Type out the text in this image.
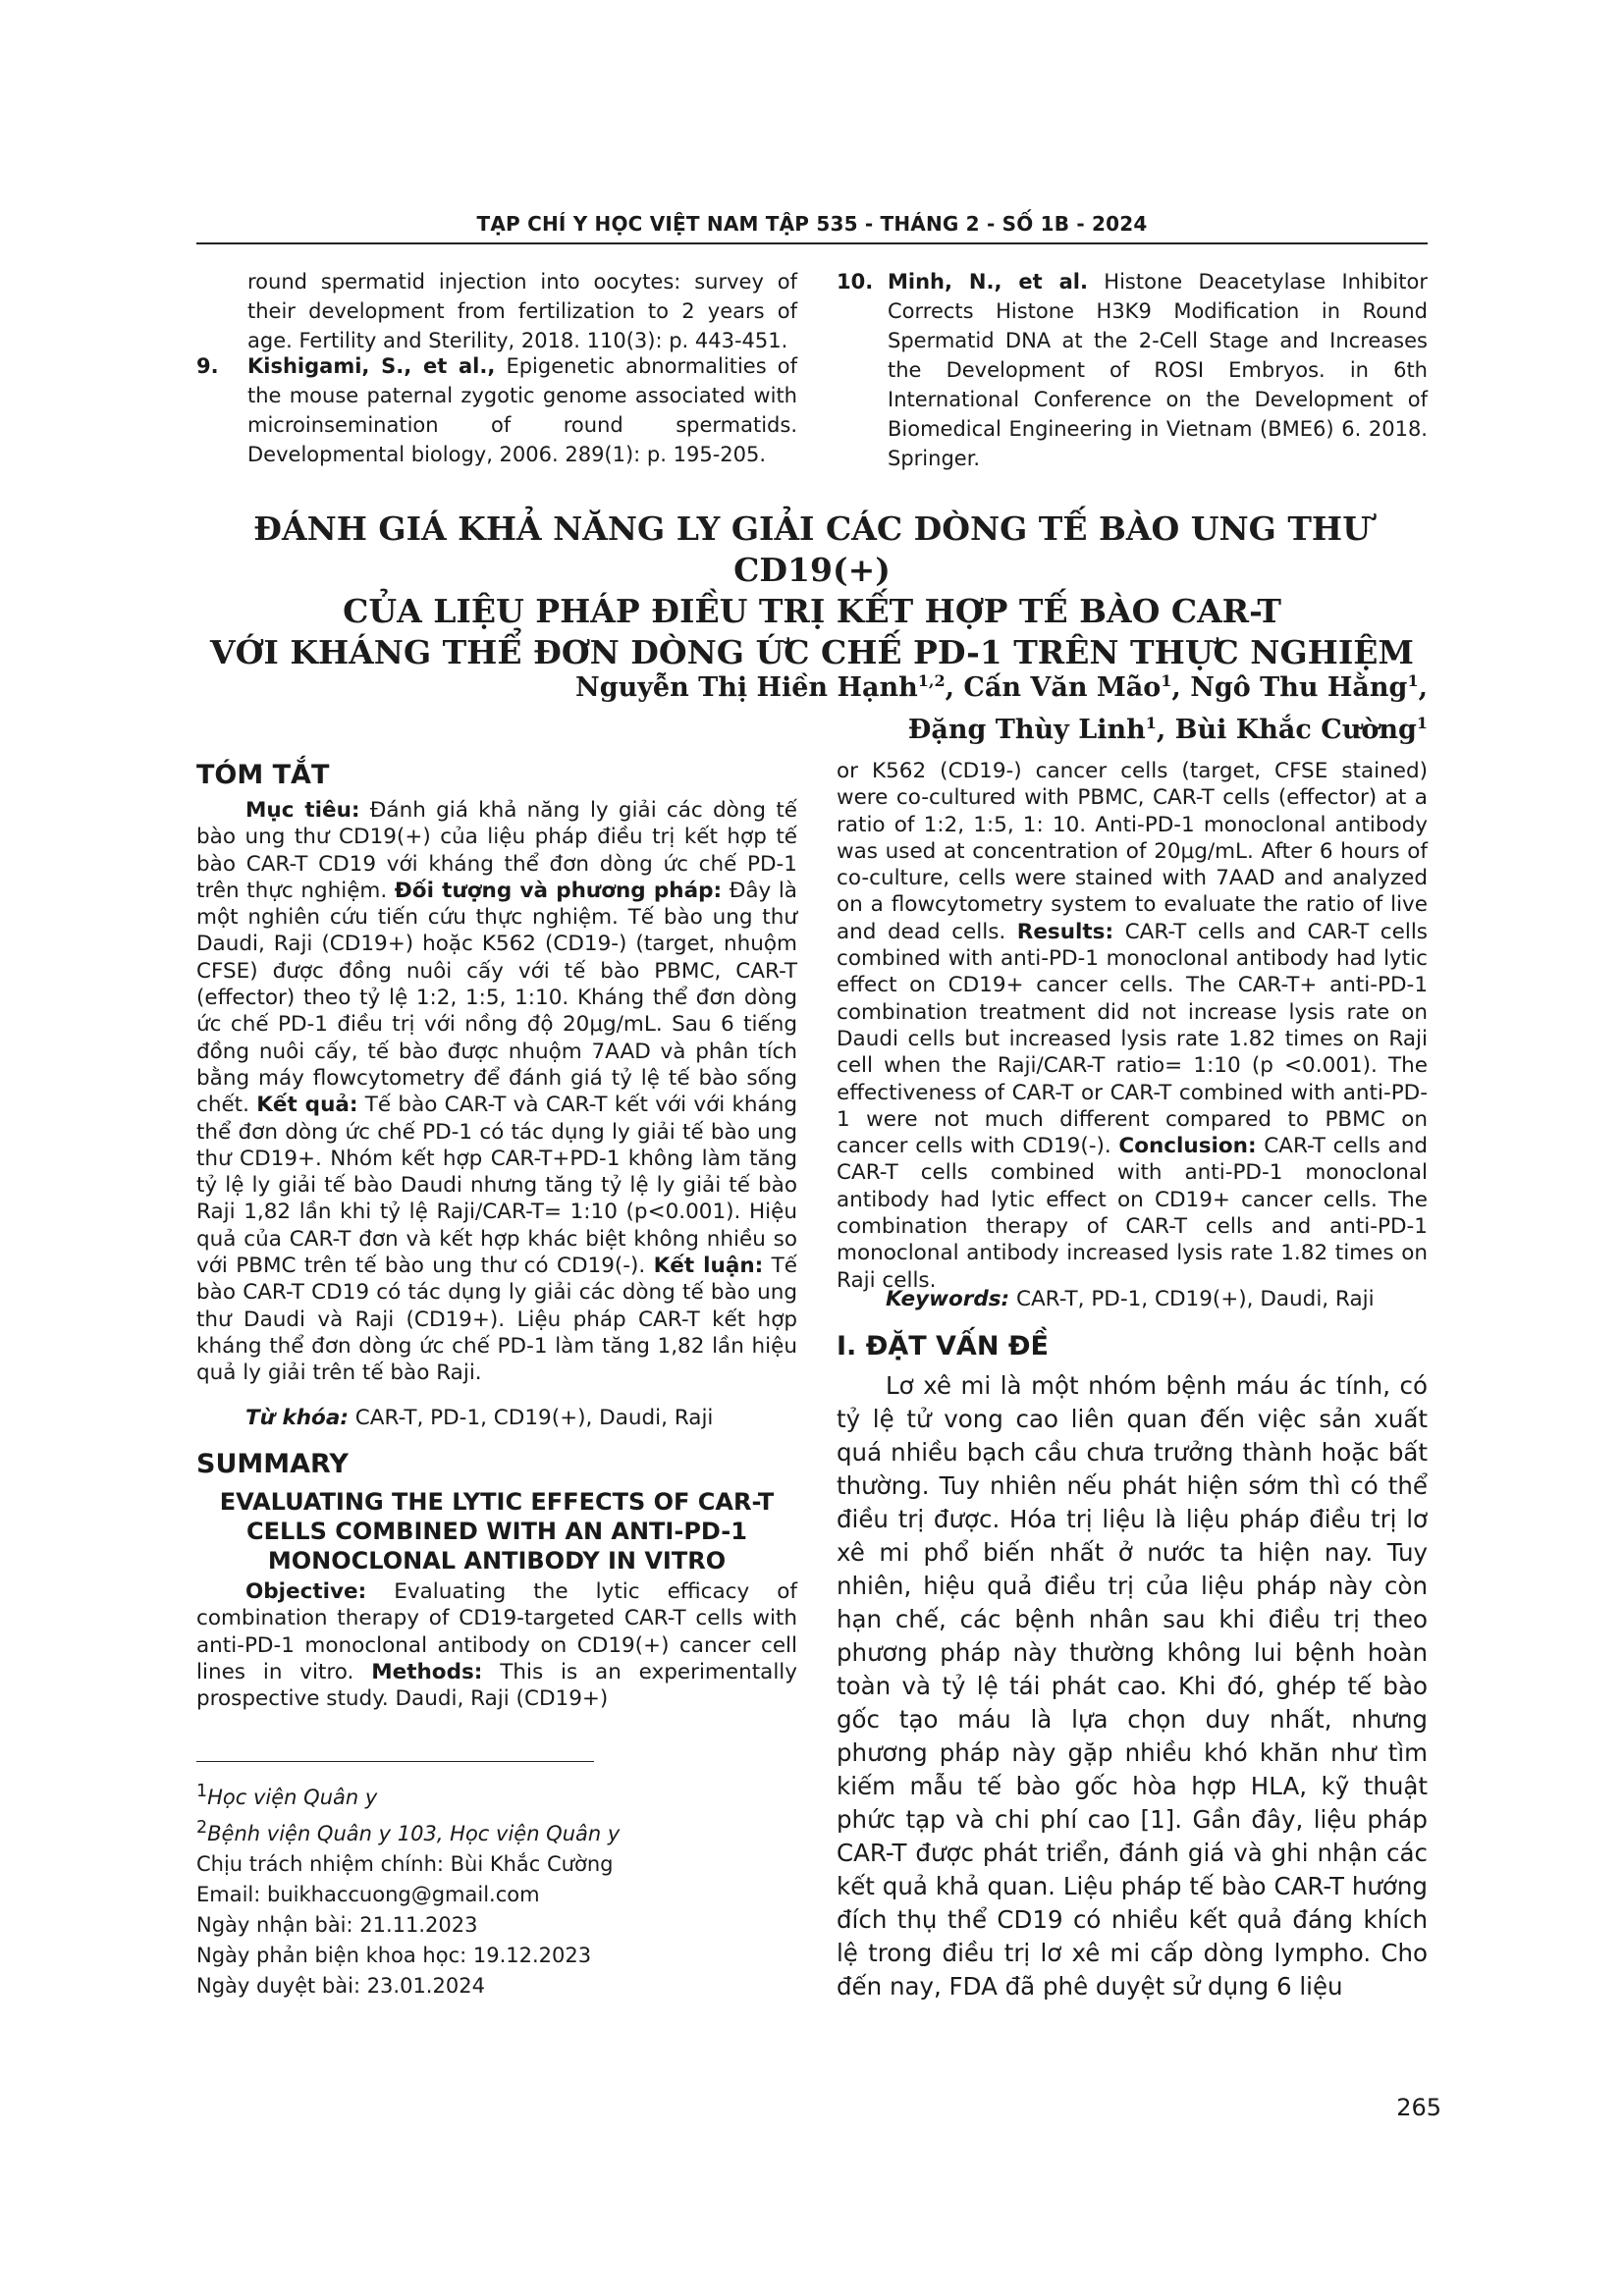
TẠP CHÍ Y HỌC VIỆT NAM TẬP 535 - THÁNG 2 - SỐ 1B - 2024
round spermatid injection into oocytes: survey of their development from fertilization to 2 years of age. Fertility and Sterility, 2018. 110(3): p. 443-451.
9. Kishigami, S., et al., Epigenetic abnormalities of the mouse paternal zygotic genome associated with microinsemination of round spermatids. Developmental biology, 2006. 289(1): p. 195-205.
10. Minh, N., et al. Histone Deacetylase Inhibitor Corrects Histone H3K9 Modification in Round Spermatid DNA at the 2-Cell Stage and Increases the Development of ROSI Embryos. in 6th International Conference on the Development of Biomedical Engineering in Vietnam (BME6) 6. 2018. Springer.
ĐÁNH GIÁ KHẢ NĂNG LY GIẢI CÁC DÒNG TẾ BÀO UNG THƯ CD19(+)
CỦA LIỆU PHÁP ĐIỀU TRỊ KẾT HỢP TẾ BÀO CAR-T
VỚI KHÁNG THỂ ĐƠN DÒNG ỨC CHẾ PD-1 TRÊN THỰC NGHIỆM
Nguyễn Thị Hiền Hạnh$^{1,2}$, Cấn Văn Mão$^1$, Ngô Thu Hằng$^1$,
Đặng Thùy Linh$^1$, Bùi Khắc Cường$^1$
TÓM TẮT
Mục tiêu: Đánh giá khả năng ly giải các dòng tế bào ung thư CD19(+) của liệu pháp điều trị kết hợp tế bào CAR-T CD19 với kháng thể đơn dòng ức chế PD-1 trên thực nghiệm. Đối tượng và phương pháp: Đây là một nghiên cứu tiến cứu thực nghiệm. Tế bào ung thư Daudi, Raji (CD19+) hoặc K562 (CD19-) (target, nhuộm CFSE) được đồng nuôi cấy với tế bào PBMC, CAR-T (effector) theo tỷ lệ 1:2, 1:5, 1:10. Kháng thể đơn dòng ức chế PD-1 điều trị với nồng độ 20μg/mL. Sau 6 tiếng đồng nuôi cấy, tế bào được nhuộm 7AAD và phân tích bằng máy flowcytometry để đánh giá tỷ lệ tế bào sống chết. Kết quả: Tế bào CAR-T và CAR-T kết với với kháng thể đơn dòng ức chế PD-1 có tác dụng ly giải tế bào ung thư CD19+. Nhóm kết hợp CAR-T+PD-1 không làm tăng tỷ lệ ly giải tế bào Daudi nhưng tăng tỷ lệ ly giải tế bào Raji 1,82 lần khi tỷ lệ Raji/CAR-T= 1:10 (p<0.001). Hiệu quả của CAR-T đơn và kết hợp khác biệt không nhiều so với PBMC trên tế bào ung thư có CD19(-). Kết luận: Tế bào CAR-T CD19 có tác dụng ly giải các dòng tế bào ung thư Daudi và Raji (CD19+). Liệu pháp CAR-T kết hợp kháng thể đơn dòng ức chế PD-1 làm tăng 1,82 lần hiệu quả ly giải trên tế bào Raji.
Từ khóa: CAR-T, PD-1, CD19(+), Daudi, Raji
SUMMARY
EVALUATING THE LYTIC EFFECTS OF CAR-T
CELLS COMBINED WITH AN ANTI-PD-1
MONOCLONAL ANTIBODY IN VITRO
Objective: Evaluating the lytic efficacy of combination therapy of CD19-targeted CAR-T cells with anti-PD-1 monoclonal antibody on CD19(+) cancer cell lines in vitro. Methods: This is an experimentally prospective study. Daudi, Raji (CD19+)
$^1$Học viện Quân y
$^2$Bệnh viện Quân y 103, Học viện Quân y
Chịu trách nhiệm chính: Bùi Khắc Cường
Email: buikhaccuong@gmail.com
Ngày nhận bài: 21.11.2023
Ngày phản biện khoa học: 19.12.2023
Ngày duyệt bài: 23.01.2024
or K562 (CD19-) cancer cells (target, CFSE stained) were co-cultured with PBMC, CAR-T cells (effector) at a ratio of 1:2, 1:5, 1: 10. Anti-PD-1 monoclonal antibody was used at concentration of 20μg/mL. After 6 hours of co-culture, cells were stained with 7AAD and analyzed on a flowcytometry system to evaluate the ratio of live and dead cells. Results: CAR-T cells and CAR-T cells combined with anti-PD-1 monoclonal antibody had lytic effect on CD19+ cancer cells. The CAR-T+ anti-PD-1 combination treatment did not increase lysis rate on Daudi cells but increased lysis rate 1.82 times on Raji cell when the Raji/CAR-T ratio= 1:10 (p <0.001). The effectiveness of CAR-T or CAR-T combined with anti-PD-1 were not much different compared to PBMC on cancer cells with CD19(-). Conclusion: CAR-T cells and CAR-T cells combined with anti-PD-1 monoclonal antibody had lytic effect on CD19+ cancer cells. The combination therapy of CAR-T cells and anti-PD-1 monoclonal antibody increased lysis rate 1.82 times on Raji cells.
Keywords: CAR-T, PD-1, CD19(+), Daudi, Raji
I. ĐẶT VẤN ĐỀ
Lơ xê mi là một nhóm bệnh máu ác tính, có tỷ lệ tử vong cao liên quan đến việc sản xuất quá nhiều bạch cầu chưa trưởng thành hoặc bất thường. Tuy nhiên nếu phát hiện sớm thì có thể điều trị được. Hóa trị liệu là liệu pháp điều trị lơ xê mi phổ biến nhất ở nước ta hiện nay. Tuy nhiên, hiệu quả điều trị của liệu pháp này còn hạn chế, các bệnh nhân sau khi điều trị theo phương pháp này thường không lui bệnh hoàn toàn và tỷ lệ tái phát cao. Khi đó, ghép tế bào gốc tạo máu là lựa chọn duy nhất, nhưng phương pháp này gặp nhiều khó khăn như tìm kiếm mẫu tế bào gốc hòa hợp HLA, kỹ thuật phức tạp và chi phí cao [1]. Gần đây, liệu pháp CAR-T được phát triển, đánh giá và ghi nhận các kết quả khả quan. Liệu pháp tế bào CAR-T hướng đích thụ thể CD19 có nhiều kết quả đáng khích lệ trong điều trị lơ xê mi cấp dòng lympho. Cho đến nay, FDA đã phê duyệt sử dụng 6 liệu
265
